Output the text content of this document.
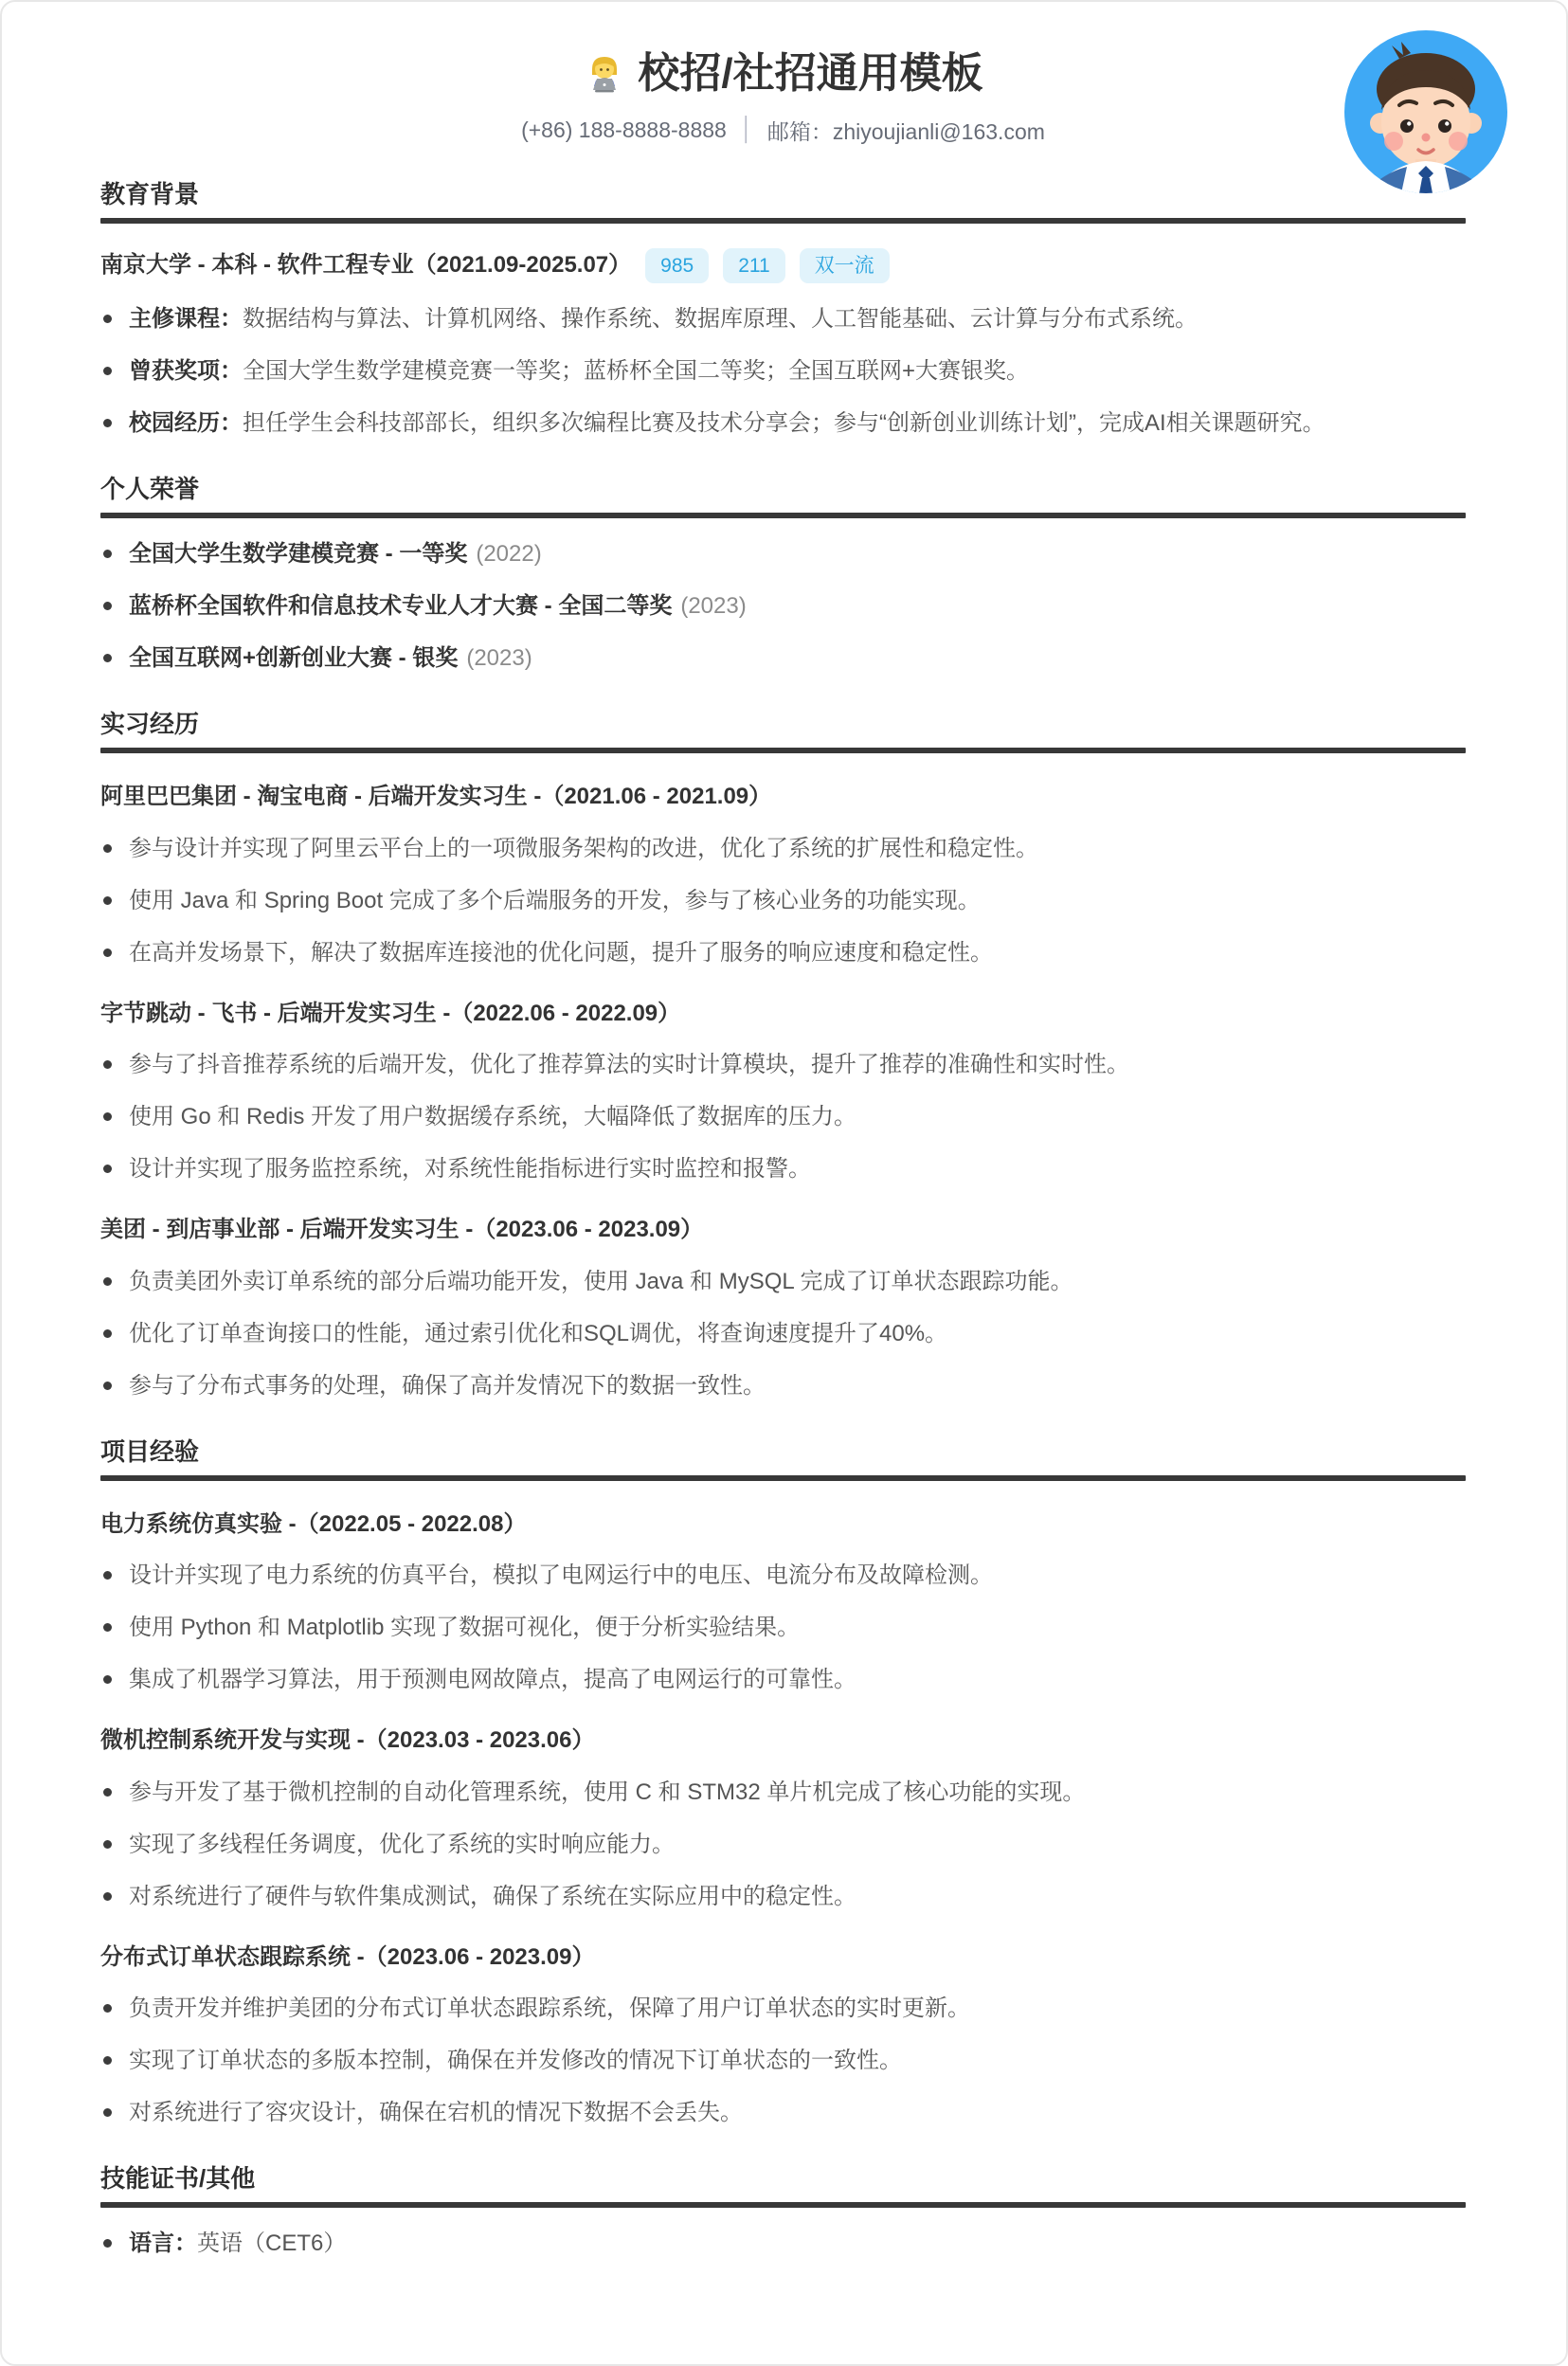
校招/社招通用模板
(+86) 188-8888-8888 │ 邮箱：zhiyoujianli@163.com
教育背景
南京大学 - 本科 - 软件工程专业（2021.09-2025.07）	985	211	双一流
主修课程：数据结构与算法、计算机网络、操作系统、数据库原理、人工智能基础、云计算与分布式系统。
曾获奖项：全国大学生数学建模竞赛一等奖；蓝桥杯全国二等奖；全国互联网+大赛银奖。
校园经历：担任学生会科技部部长，组织多次编程比赛及技术分享会；参与“创新创业训练计划”，完成AI相关课题研究。
个人荣誉
全国大学生数学建模竞赛 - 一等奖 (2022)
蓝桥杯全国软件和信息技术专业人才大赛 - 全国二等奖 (2023)
全国互联网+创新创业大赛 - 银奖 (2023)
实习经历
阿里巴巴集团 - 淘宝电商 - 后端开发实习生 -（2021.06 - 2021.09）
参与设计并实现了阿里云平台上的一项微服务架构的改进，优化了系统的扩展性和稳定性。
使用 Java 和 Spring Boot 完成了多个后端服务的开发，参与了核心业务的功能实现。
在高并发场景下，解决了数据库连接池的优化问题，提升了服务的响应速度和稳定性。
字节跳动 - 飞书 - 后端开发实习生 -（2022.06 - 2022.09）
参与了抖音推荐系统的后端开发，优化了推荐算法的实时计算模块，提升了推荐的准确性和实时性。
使用 Go 和 Redis 开发了用户数据缓存系统，大幅降低了数据库的压力。
设计并实现了服务监控系统，对系统性能指标进行实时监控和报警。
美团 - 到店事业部 - 后端开发实习生 -（2023.06 - 2023.09）
负责美团外卖订单系统的部分后端功能开发，使用 Java 和 MySQL 完成了订单状态跟踪功能。
优化了订单查询接口的性能，通过索引优化和SQL调优，将查询速度提升了40%。
参与了分布式事务的处理，确保了高并发情况下的数据一致性。
项目经验
电力系统仿真实验 -（2022.05 - 2022.08）
设计并实现了电力系统的仿真平台，模拟了电网运行中的电压、电流分布及故障检测。
使用 Python 和 Matplotlib 实现了数据可视化，便于分析实验结果。
集成了机器学习算法，用于预测电网故障点，提高了电网运行的可靠性。
微机控制系统开发与实现 -（2023.03 - 2023.06）
参与开发了基于微机控制的自动化管理系统，使用 C 和 STM32 单片机完成了核心功能的实现。
实现了多线程任务调度，优化了系统的实时响应能力。
对系统进行了硬件与软件集成测试，确保了系统在实际应用中的稳定性。
分布式订单状态跟踪系统 -（2023.06 - 2023.09）
负责开发并维护美团的分布式订单状态跟踪系统，保障了用户订单状态的实时更新。
实现了订单状态的多版本控制，确保在并发修改的情况下订单状态的一致性。
对系统进行了容灾设计，确保在宕机的情况下数据不会丢失。
技能证书/其他
语言：英语（CET6）
